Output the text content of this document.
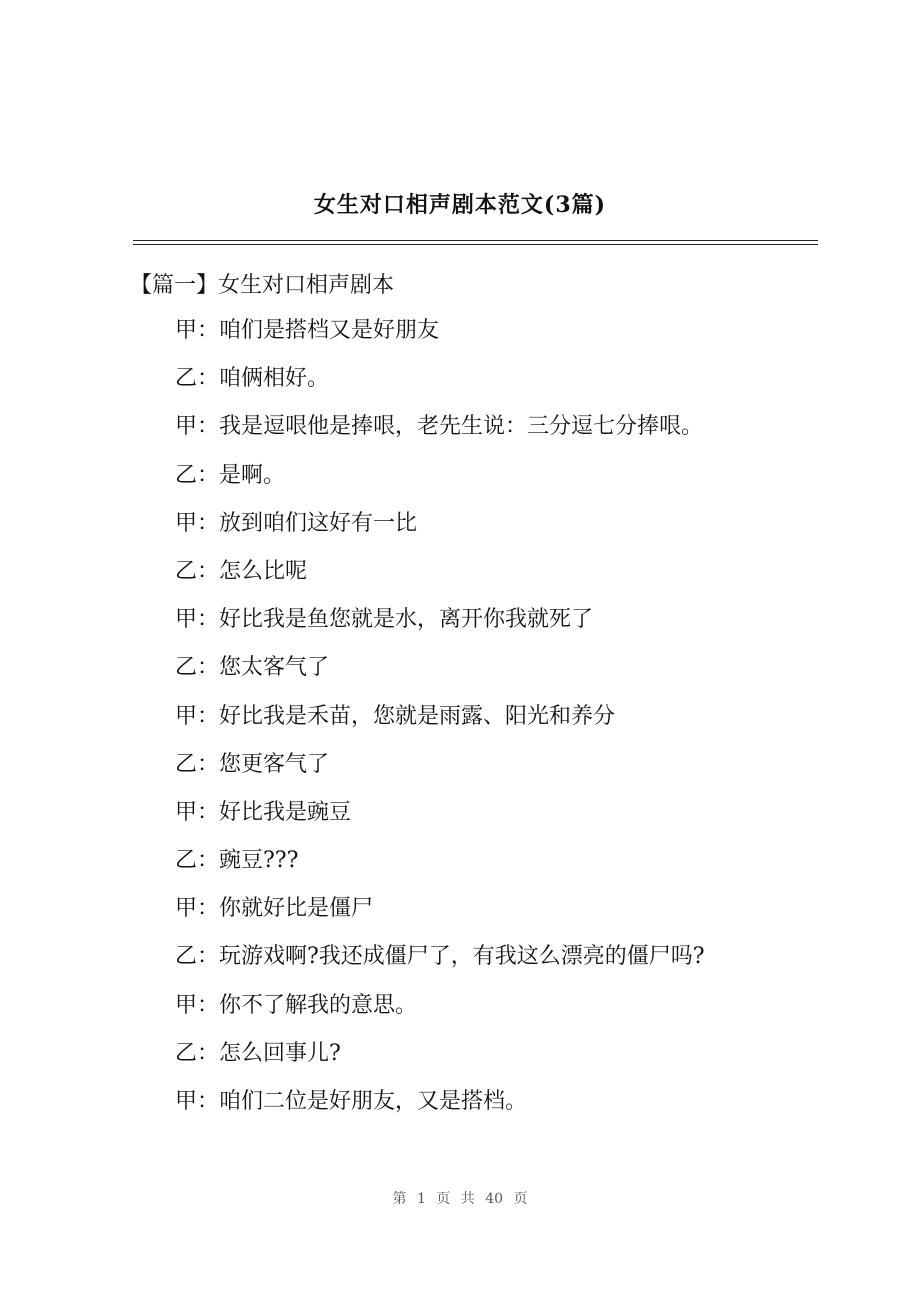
女生对口相声剧本范文(3篇)
【篇一】女生对口相声剧本
甲：咱们是搭档又是好朋友
乙：咱俩相好。
甲：我是逗哏他是捧哏，老先生说：三分逗七分捧哏。
乙：是啊。
甲：放到咱们这好有一比
乙：怎么比呢
甲：好比我是鱼您就是水，离开你我就死了
乙：您太客气了
甲：好比我是禾苗，您就是雨露、阳光和养分
乙：您更客气了
甲：好比我是豌豆
乙：豌豆???
甲：你就好比是僵尸
乙：玩游戏啊?我还成僵尸了，有我这么漂亮的僵尸吗?
甲：你不了解我的意思。
乙：怎么回事儿?
甲：咱们二位是好朋友，又是搭档。
第 1 页 共 40 页
